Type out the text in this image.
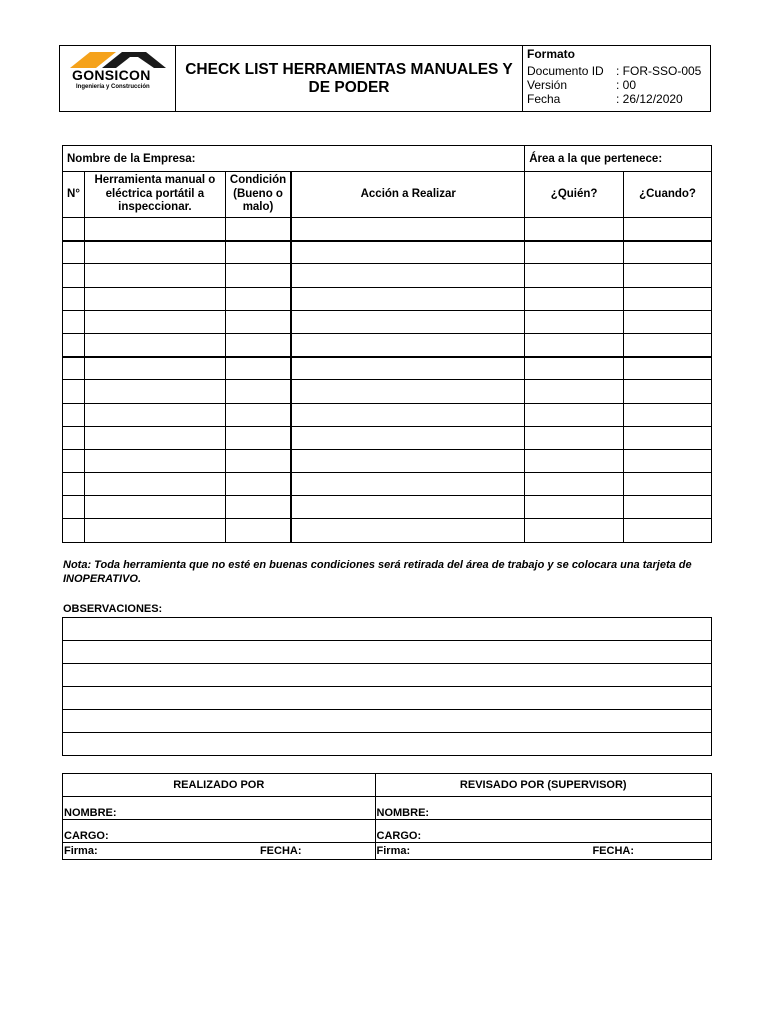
GONSICON
Ingeniería y Construcción
CHECK LIST HERRAMIENTAS MANUALES Y DE PODER
Formato
Documento ID	: FOR-SSO-005
Versión	: 00
Fecha	: 26/12/2020
Nombre de la Empresa:				Área a la que pertenece:	
N°	Herramienta manual o eléctrica portátil a inspeccionar.	Condición (Bueno o malo)	Acción a Realizar	¿Quién?	¿Cuando?

Nota: Toda herramienta que no esté en buenas condiciones será retirada del área de trabajo y se colocara una tarjeta de INOPERATIVO.
OBSERVACIONES:

REALIZADO POR	REVISADO POR (SUPERVISOR)
NOMBRE:	NOMBRE:
CARGO:	CARGO:

Firma: FECHA:	Firma: FECHA:
